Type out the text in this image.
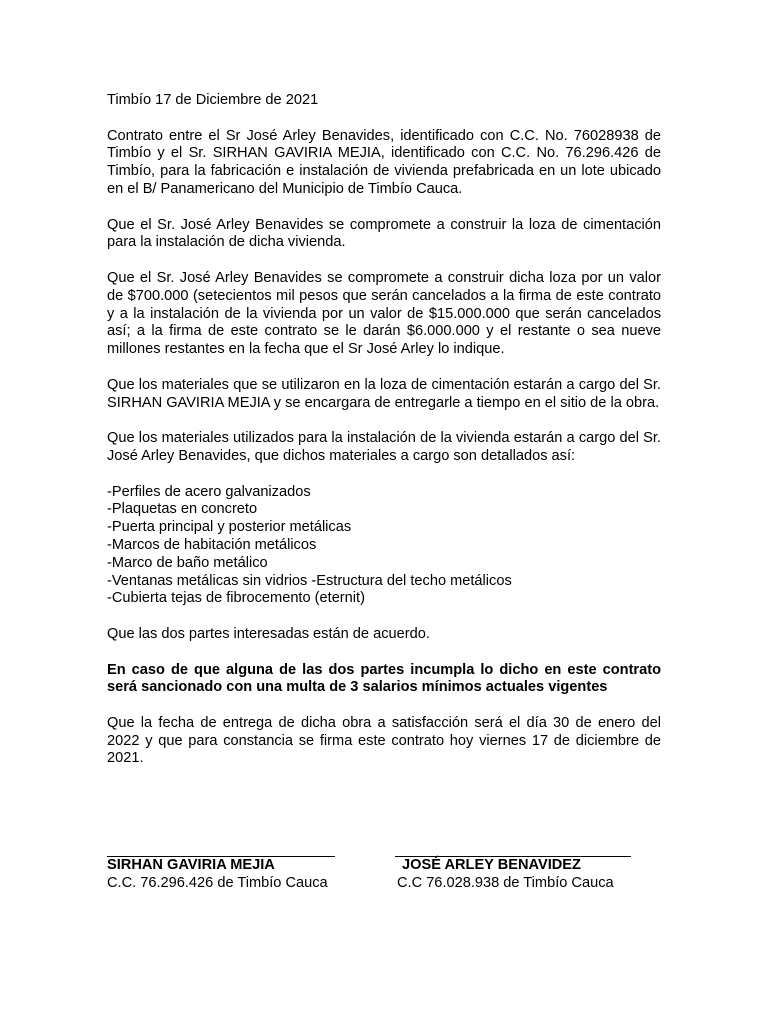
Timbío 17 de Diciembre de 2021

Contrato entre el Sr José Arley Benavides, identificado con C.C. No. 76028938 de Timbío y el Sr. SIRHAN GAVIRIA MEJIA, identificado con C.C. No. 76.296.426 de Timbío, para la fabricación e instalación de vivienda prefabricada en un lote ubicado en el B/ Panamericano del Municipio de Timbío Cauca.

Que el Sr. José Arley Benavides se compromete a construir la loza de cimentación para la instalación de dicha vivienda.

Que el Sr. José Arley Benavides se compromete a construir dicha loza por un valor de $700.000 (setecientos mil pesos que serán cancelados a la firma de este contrato y a la instalación de la vivienda por un valor de $15.000.000 que serán cancelados así; a la firma de este contrato se le darán $6.000.000 y el restante o sea nueve millones restantes en la fecha que el Sr José Arley lo indique.

Que los materiales que se utilizaron en la loza de cimentación estarán a cargo del Sr. SIRHAN GAVIRIA MEJIA y se encargara de entregarle a tiempo en el sitio de la obra.

Que los materiales utilizados para la instalación de la vivienda estarán a cargo del Sr. José Arley Benavides, que dichos materiales a cargo son detallados así:

-Perfiles de acero galvanizados
-Plaquetas en concreto
-Puerta principal y posterior metálicas
-Marcos de habitación metálicos
-Marco de baño metálico
-Ventanas metálicas sin vidrios -Estructura del techo metálicos
-Cubierta tejas de fibrocemento (eternit)

Que las dos partes interesadas están de acuerdo.

En caso de que alguna de las dos partes incumpla lo dicho en este contrato será sancionado con una multa de 3 salarios mínimos actuales vigentes

Que la fecha de entrega de dicha obra a satisfacción será el día 30 de enero del 2022 y que para constancia se firma este contrato hoy viernes 17 de diciembre de 2021.

SIRHAN GAVIRIA MEJIA
C.C. 76.296.426 de Timbío Cauca
JOSÉ ARLEY BENAVIDEZ
C.C 76.028.938 de Timbío Cauca
